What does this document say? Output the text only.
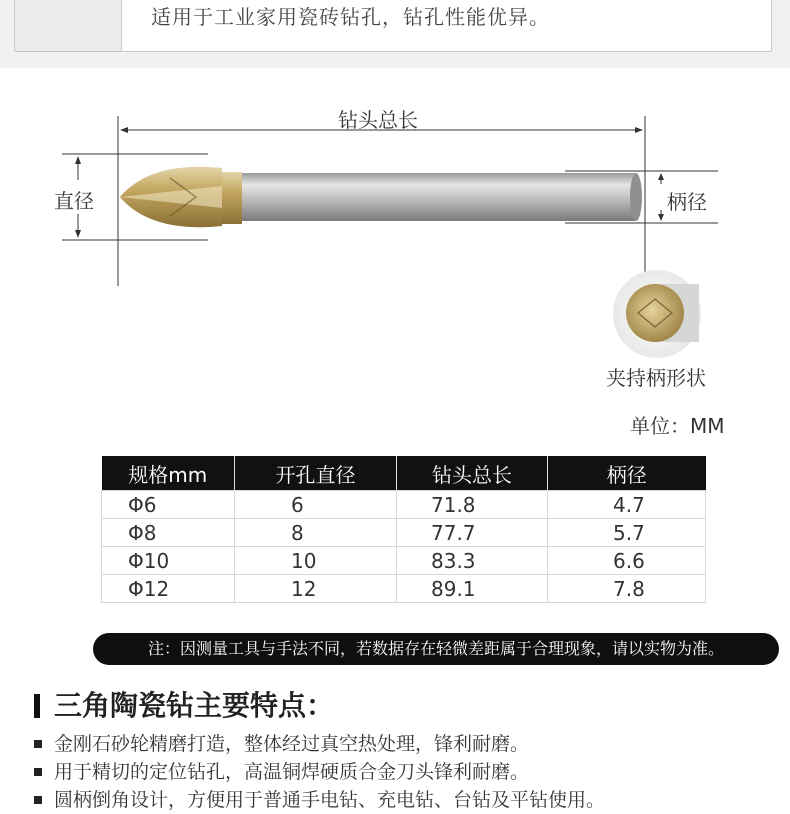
适用于工业家用瓷砖钻孔，钻孔性能优异。
钻头总长
直径	柄径
夹持柄形状
单位：MM
规格mm	开孔直径	钻头总长	柄径
Φ6	6	71.8	4.7
Φ8	8	77.7	5.7
Φ10	10	83.3	6.6
Φ12	12	89.1	7.8
注：因测量工具与手法不同，若数据存在轻微差距属于合理现象，请以实物为准。
三角陶瓷钻主要特点：
金刚石砂轮精磨打造，整体经过真空热处理，锋利耐磨。
用于精切的定位钻孔，高温铜焊硬质合金刀头锋利耐磨。
圆柄倒角设计，方便用于普通手电钻、充电钻、台钻及平钻使用。
